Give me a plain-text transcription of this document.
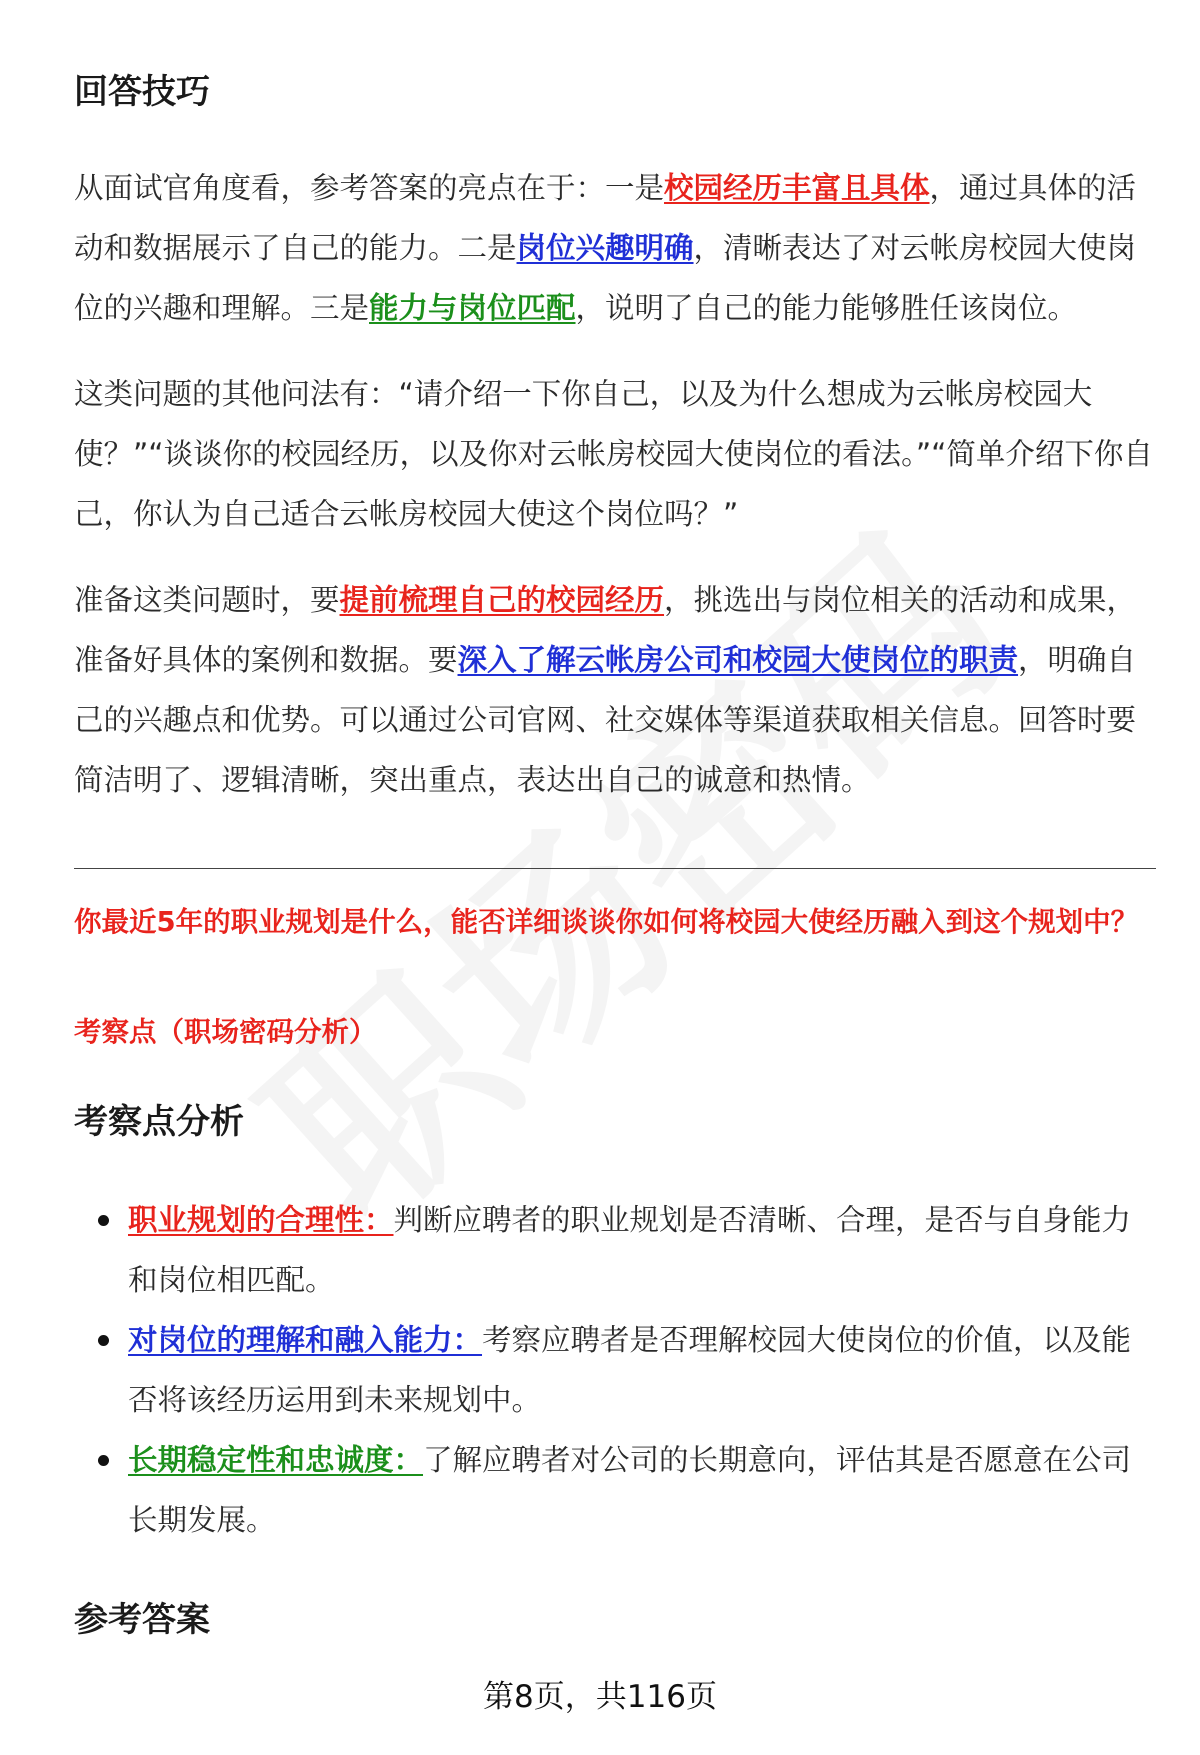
回答技巧

从面试官角度看，参考答案的亮点在于：一是校园经历丰富且具体，通过具体的活动和数据展示了自己的能力。二是岗位兴趣明确，清晰表达了对云帐房校园大使岗位的兴趣和理解。三是能力与岗位匹配，说明了自己的能力能够胜任该岗位。

这类问题的其他问法有：“请介绍一下你自己，以及为什么想成为云帐房校园大使？”“谈谈你的校园经历，以及你对云帐房校园大使岗位的看法。”“简单介绍下你自己，你认为自己适合云帐房校园大使这个岗位吗？”

准备这类问题时，要提前梳理自己的校园经历，挑选出与岗位相关的活动和成果，准备好具体的案例和数据。要深入了解云帐房公司和校园大使岗位的职责，明确自己的兴趣点和优势。可以通过公司官网、社交媒体等渠道获取相关信息。回答时要简洁明了、逻辑清晰，突出重点，表达出自己的诚意和热情。

你最近5年的职业规划是什么，能否详细谈谈你如何将校园大使经历融入到这个规划中？

考察点（职场密码分析）

考察点分析
职业规划的合理性：判断应聘者的职业规划是否清晰、合理，是否与自身能力和岗位相匹配。
对岗位的理解和融入能力：考察应聘者是否理解校园大使岗位的价值，以及能否将该经历运用到未来规划中。
长期稳定性和忠诚度：了解应聘者对公司的长期意向，评估其是否愿意在公司长期发展。
参考答案
第8页，共116页
